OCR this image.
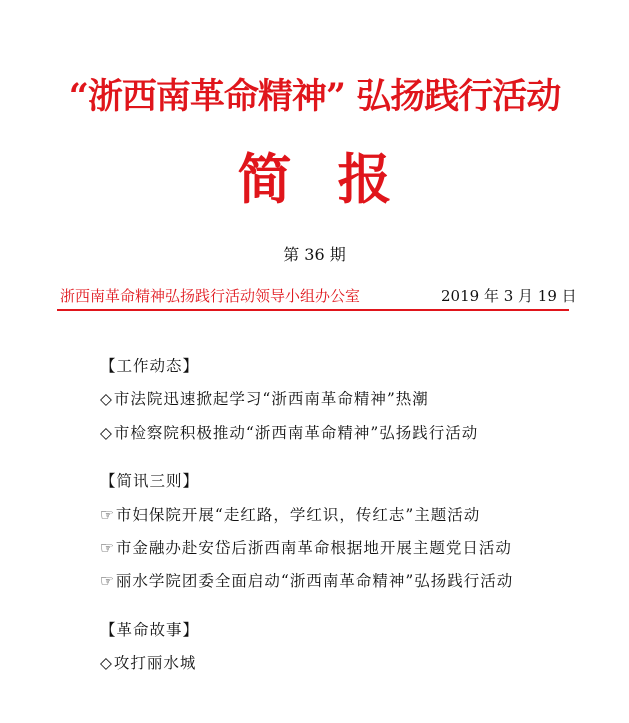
“浙西南革命精神” 弘扬践行活动
简报
第 36 期
浙西南革命精神弘扬践行活动领导小组办公室	2019 年 3 月 19 日
【工作动态】
◇市法院迅速掀起学习“浙西南革命精神”热潮
◇市检察院积极推动“浙西南革命精神”弘扬践行活动
【简讯三则】
☞市妇保院开展“走红路，学红识，传红志”主题活动
☞市金融办赴安岱后浙西南革命根据地开展主题党日活动
☞丽水学院团委全面启动“浙西南革命精神”弘扬践行活动
【革命故事】
◇攻打丽水城
